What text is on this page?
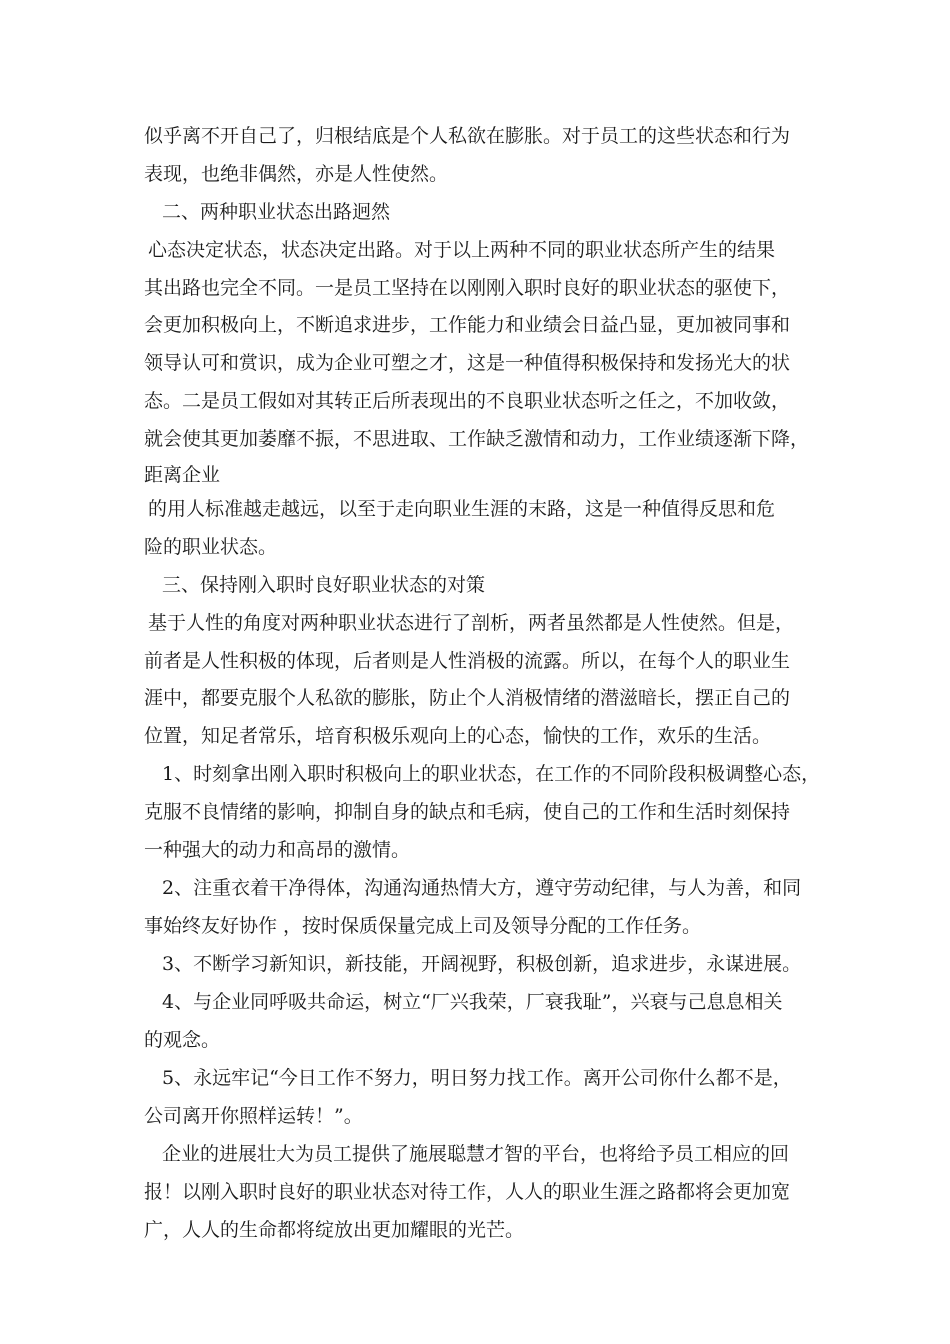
似乎离不开自己了，归根结底是个人私欲在膨胀。对于员工的这些状态和行为
表现，也绝非偶然，亦是人性使然。
二、两种职业状态出路迥然
心态决定状态，状态决定出路。对于以上两种不同的职业状态所产生的结果
其出路也完全不同。一是员工坚持在以刚刚入职时良好的职业状态的驱使下，
会更加积极向上，不断追求进步，工作能力和业绩会日益凸显，更加被同事和
领导认可和赏识，成为企业可塑之才，这是一种值得积极保持和发扬光大的状
态。二是员工假如对其转正后所表现出的不良职业状态听之任之，不加收敛，
就会使其更加萎靡不振，不思进取、工作缺乏激情和动力，工作业绩逐渐下降，
距离企业
的用人标准越走越远，以至于走向职业生涯的末路，这是一种值得反思和危
险的职业状态。
三、保持刚入职时良好职业状态的对策
基于人性的角度对两种职业状态进行了剖析，两者虽然都是人性使然。但是，
前者是人性积极的体现，后者则是人性消极的流露。所以，在每个人的职业生
涯中，都要克服个人私欲的膨胀，防止个人消极情绪的潜滋暗长，摆正自己的
位置，知足者常乐，培育积极乐观向上的心态，愉快的工作，欢乐的生活。
1、时刻拿出刚入职时积极向上的职业状态，在工作的不同阶段积极调整心态，
克服不良情绪的影响，抑制自身的缺点和毛病，使自己的工作和生活时刻保持
一种强大的动力和高昂的激情。
2、注重衣着干净得体，沟通沟通热情大方，遵守劳动纪律，与人为善，和同
事始终友好协作 ，按时保质保量完成上司及领导分配的工作任务。
3、不断学习新知识，新技能，开阔视野，积极创新，追求进步，永谋进展。
4、与企业同呼吸共命运，树立“厂兴我荣，厂衰我耻”，兴衰与己息息相关
的观念。
5、永远牢记“今日工作不努力，明日努力找工作。离开公司你什么都不是，
公司离开你照样运转！”。
企业的进展壮大为员工提供了施展聪慧才智的平台，也将给予员工相应的回
报！以刚入职时良好的职业状态对待工作，人人的职业生涯之路都将会更加宽
广，人人的生命都将绽放出更加耀眼的光芒。
